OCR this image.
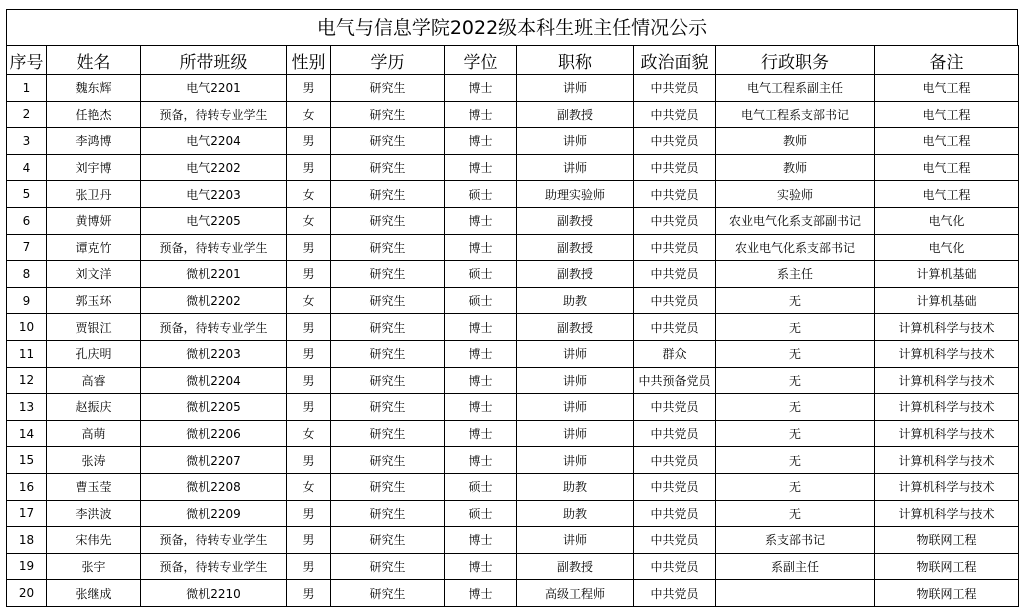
电气与信息学院2022级本科生班主任情况公示
序号	姓名	所带班级	性别	学历	学位	职称	政治面貌	行政职务	备注
1	魏东辉	电气2201	男	研究生	博士	讲师	中共党员	电气工程系副主任	电气工程
2	任艳杰	预备，待转专业学生	女	研究生	博士	副教授	中共党员	电气工程系支部书记	电气工程
3	李鸿博	电气2204	男	研究生	博士	讲师	中共党员	教师	电气工程
4	刘宇博	电气2202	男	研究生	博士	讲师	中共党员	教师	电气工程
5	张卫丹	电气2203	女	研究生	硕士	助理实验师	中共党员	实验师	电气工程
6	黄博妍	电气2205	女	研究生	博士	副教授	中共党员	农业电气化系支部副书记	电气化
7	谭克竹	预备，待转专业学生	男	研究生	博士	副教授	中共党员	农业电气化系支部书记	电气化
8	刘文洋	微机2201	男	研究生	硕士	副教授	中共党员	系主任	计算机基础
9	郭玉环	微机2202	女	研究生	硕士	助教	中共党员	无	计算机基础
10	贾银江	预备，待转专业学生	男	研究生	博士	副教授	中共党员	无	计算机科学与技术
11	孔庆明	微机2203	男	研究生	博士	讲师	群众	无	计算机科学与技术
12	高睿	微机2204	男	研究生	博士	讲师	中共预备党员	无	计算机科学与技术
13	赵振庆	微机2205	男	研究生	博士	讲师	中共党员	无	计算机科学与技术
14	高萌	微机2206	女	研究生	博士	讲师	中共党员	无	计算机科学与技术
15	张涛	微机2207	男	研究生	博士	讲师	中共党员	无	计算机科学与技术
16	曹玉莹	微机2208	女	研究生	硕士	助教	中共党员	无	计算机科学与技术
17	李洪波	微机2209	男	研究生	硕士	助教	中共党员	无	计算机科学与技术
18	宋伟先	预备，待转专业学生	男	研究生	博士	讲师	中共党员	系支部书记	物联网工程
19	张宇	预备，待转专业学生	男	研究生	博士	副教授	中共党员	系副主任	物联网工程
20	张继成	微机2210	男	研究生	博士	高级工程师	中共党员		物联网工程
